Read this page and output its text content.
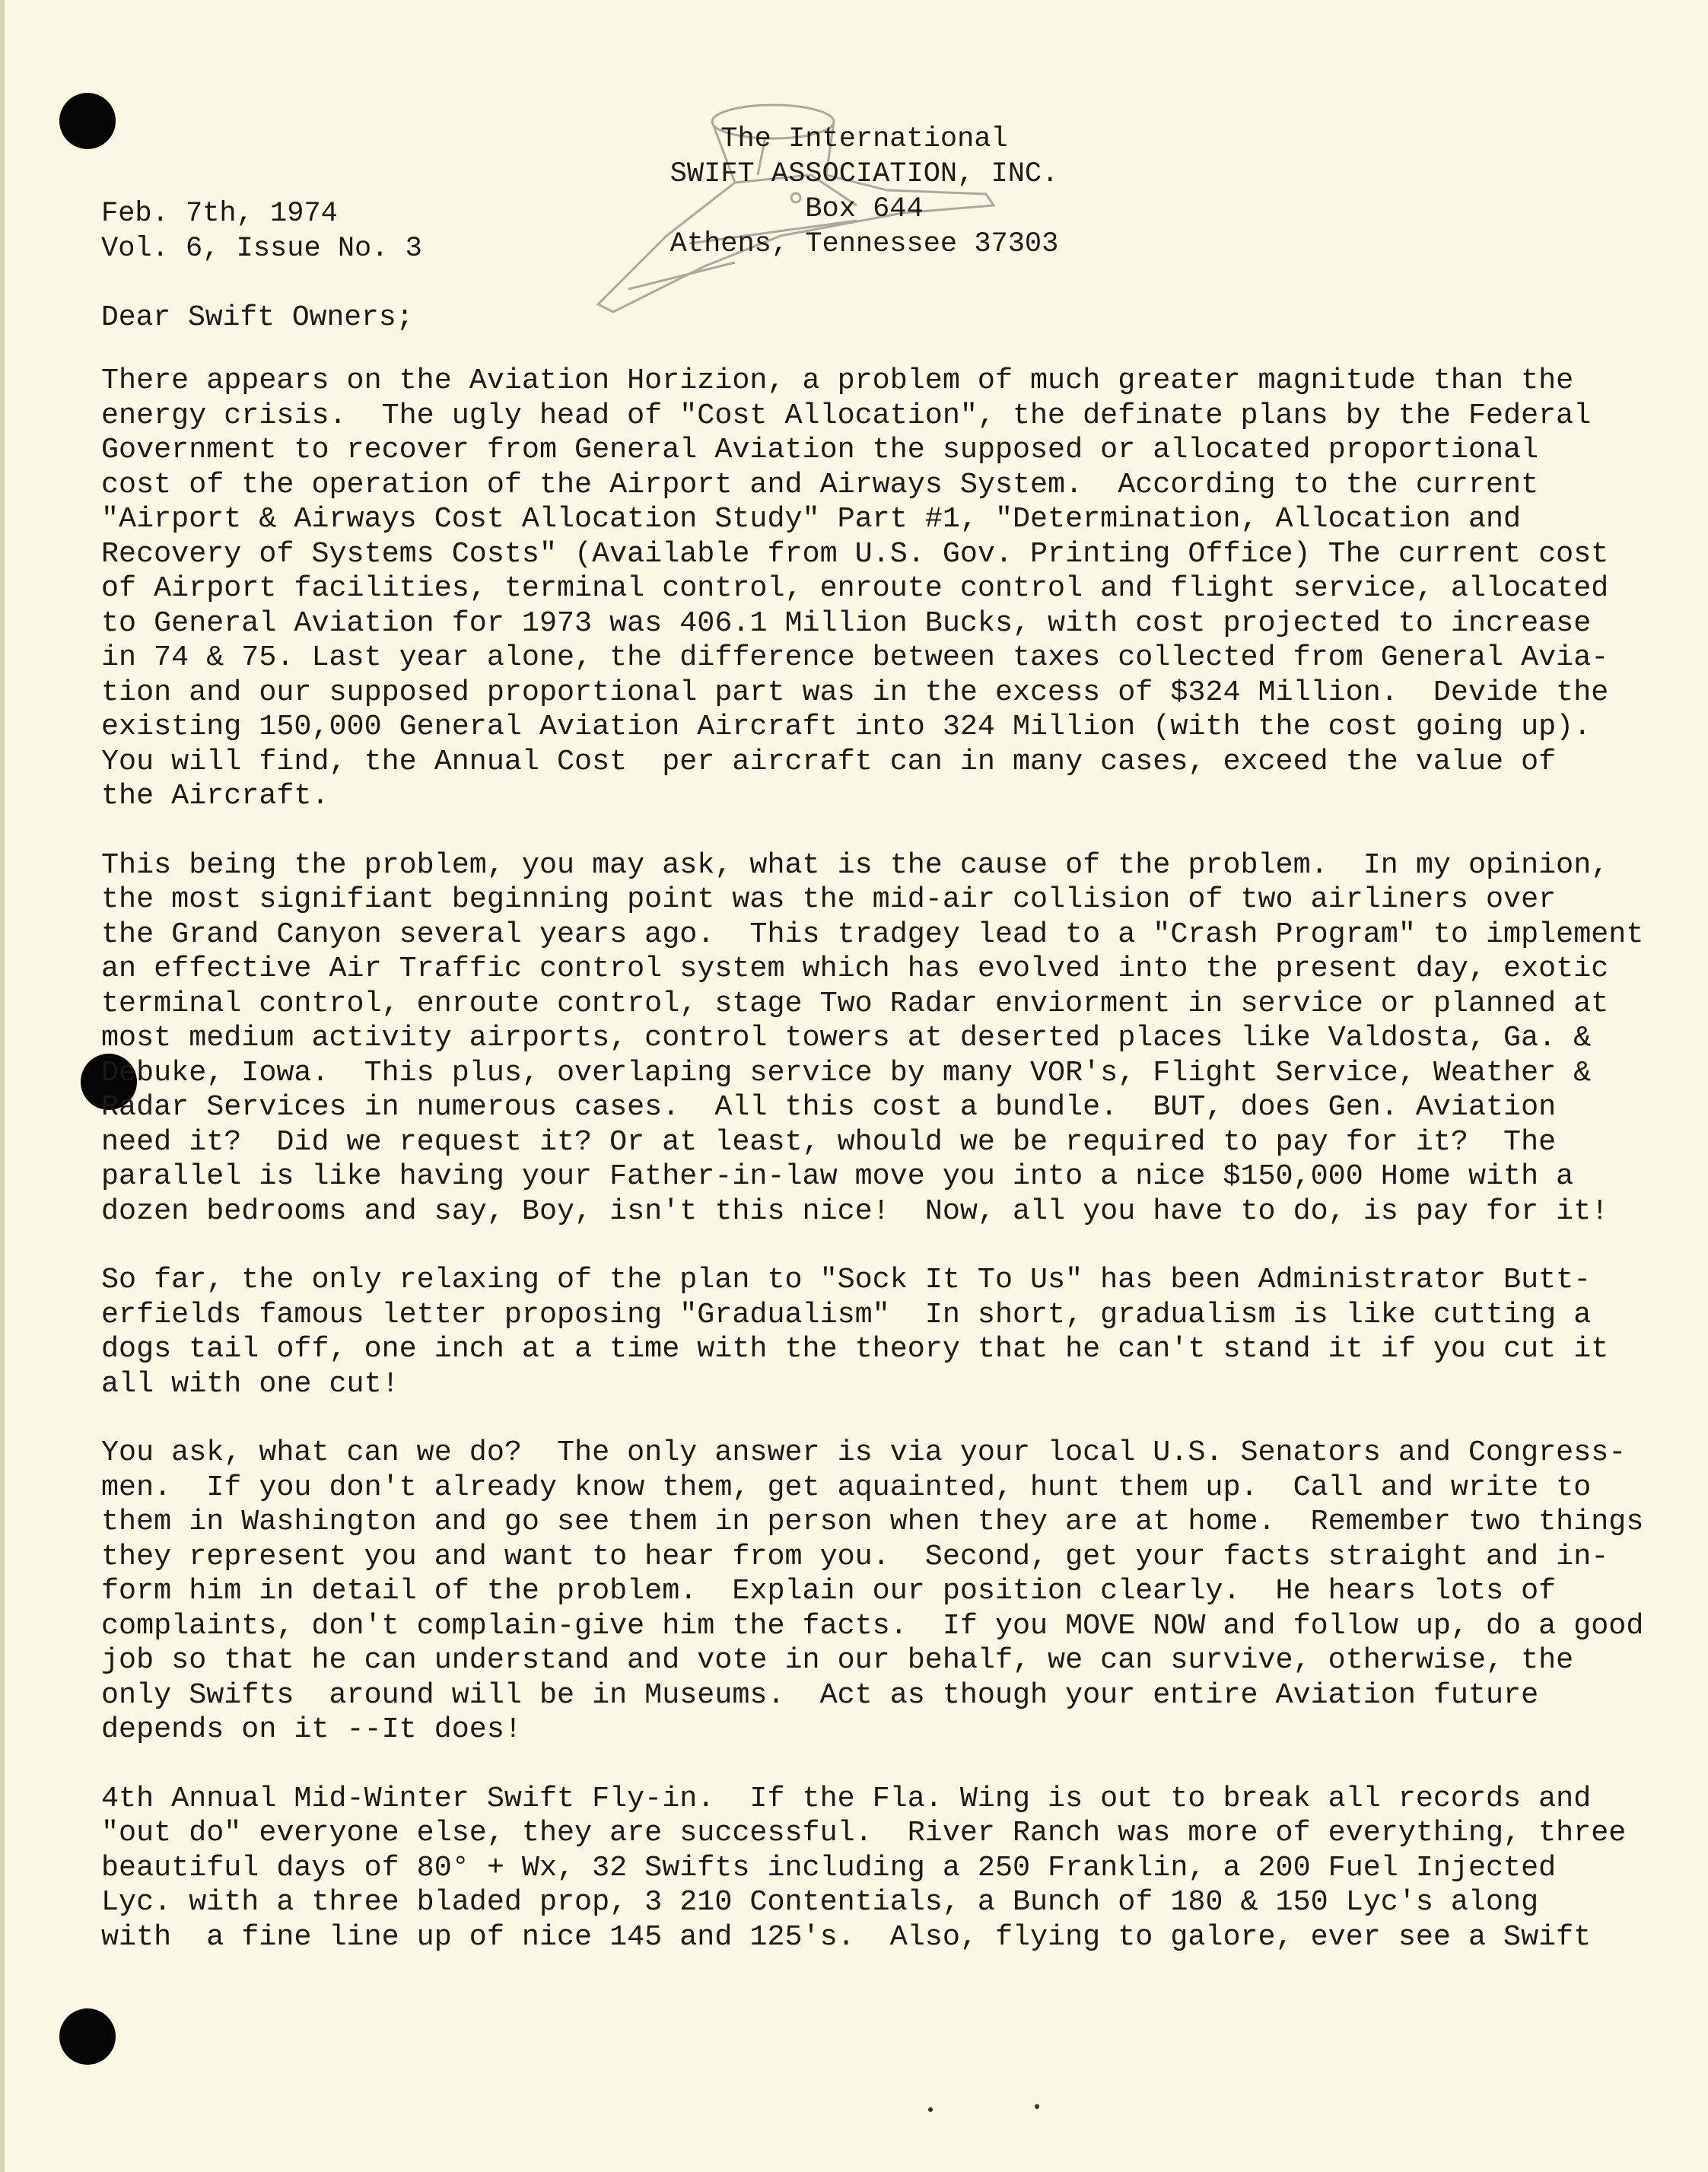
The International
SWIFT ASSOCIATION, INC.
Box 644
Athens, Tennessee 37303
Feb. 7th, 1974
Vol. 6, Issue No. 3
Dear Swift Owners;
There appears on the Aviation Horizion, a problem of much greater magnitude than the
energy crisis.  The ugly head of "Cost Allocation", the definate plans by the Federal
Government to recover from General Aviation the supposed or allocated proportional
cost of the operation of the Airport and Airways System.  According to the current
"Airport & Airways Cost Allocation Study" Part #1, "Determination, Allocation and
Recovery of Systems Costs" (Available from U.S. Gov. Printing Office) The current cost
of Airport facilities, terminal control, enroute control and flight service, allocated
to General Aviation for 1973 was 406.1 Million Bucks, with cost projected to increase
in 74 & 75. Last year alone, the difference between taxes collected from General Avia-
tion and our supposed proportional part was in the excess of $324 Million.  Devide the
existing 150,000 General Aviation Aircraft into 324 Million (with the cost going up).
You will find, the Annual Cost  per aircraft can in many cases, exceed the value of
the Aircraft.
This being the problem, you may ask, what is the cause of the problem.  In my opinion,
the most signifiant beginning point was the mid-air collision of two airliners over
the Grand Canyon several years ago.  This tradgey lead to a "Crash Program" to implement
an effective Air Traffic control system which has evolved into the present day, exotic
terminal control, enroute control, stage Two Radar enviorment in service or planned at
most medium activity airports, control towers at deserted places like Valdosta, Ga. &
Debuke, Iowa.  This plus, overlaping service by many VOR's, Flight Service, Weather &
Radar Services in numerous cases.  All this cost a bundle.  BUT, does Gen. Aviation
need it?  Did we request it? Or at least, whould we be required to pay for it?  The
parallel is like having your Father-in-law move you into a nice $150,000 Home with a
dozen bedrooms and say, Boy, isn't this nice!  Now, all you have to do, is pay for it!
So far, the only relaxing of the plan to "Sock It To Us" has been Administrator Butt-
erfields famous letter proposing "Gradualism"  In short, gradualism is like cutting a
dogs tail off, one inch at a time with the theory that he can't stand it if you cut it
all with one cut!
You ask, what can we do?  The only answer is via your local U.S. Senators and Congress-
men.  If you don't already know them, get aquainted, hunt them up.  Call and write to
them in Washington and go see them in person when they are at home.  Remember two things
they represent you and want to hear from you.  Second, get your facts straight and in-
form him in detail of the problem.  Explain our position clearly.  He hears lots of
complaints, don't complain-give him the facts.  If you MOVE NOW and follow up, do a good
job so that he can understand and vote in our behalf, we can survive, otherwise, the
only Swifts  around will be in Museums.  Act as though your entire Aviation future
depends on it --It does!
4th Annual Mid-Winter Swift Fly-in.  If the Fla. Wing is out to break all records and
"out do" everyone else, they are successful.  River Ranch was more of everything, three
beautiful days of 80° + Wx, 32 Swifts including a 250 Franklin, a 200 Fuel Injected
Lyc. with a three bladed prop, 3 210 Contentials, a Bunch of 180 & 150 Lyc's along
with  a fine line up of nice 145 and 125's.  Also, flying to galore, ever see a Swift
